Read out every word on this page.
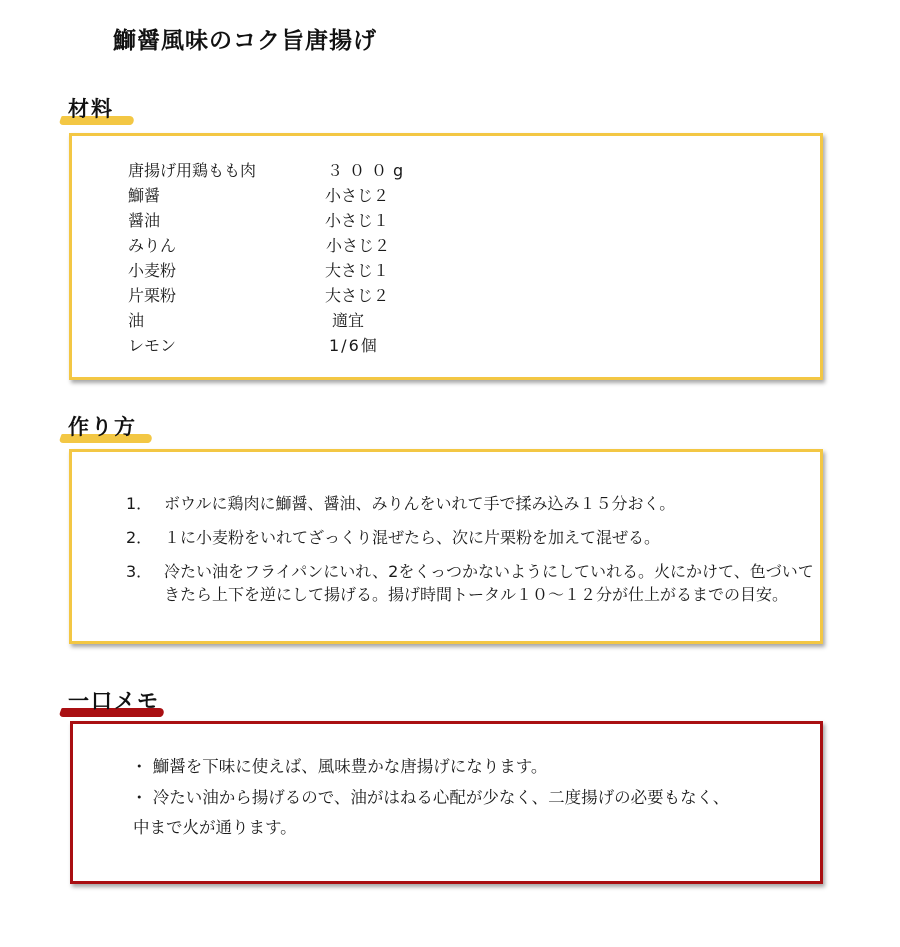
鰤醤風味のコク旨唐揚げ
材料
唐揚げ用鶏もも肉	３００g
鰤醤	小さじ２
醤油	小さじ１
みりん	小さじ２
小麦粉	大さじ１
片栗粉	大さじ２
油	適宜
レモン	1/6個
作り方
1． ボウルに鶏肉に鰤醤、醤油、みりんをいれて手で揉み込み１５分おく。
2． １に小麦粉をいれてざっくり混ぜたら、次に片栗粉を加えて混ぜる。
3． 冷たい油をフライパンにいれ、2をくっつかないようにしていれる。火にかけて、色づいて
きたら上下を逆にして揚げる。揚げ時間トータル１０～１２分が仕上がるまでの目安。
一口メモ
・ 鰤醤を下味に使えば、風味豊かな唐揚げになります。
・ 冷たい油から揚げるので、油がはねる心配が少なく、二度揚げの必要もなく、
中まで火が通ります。
